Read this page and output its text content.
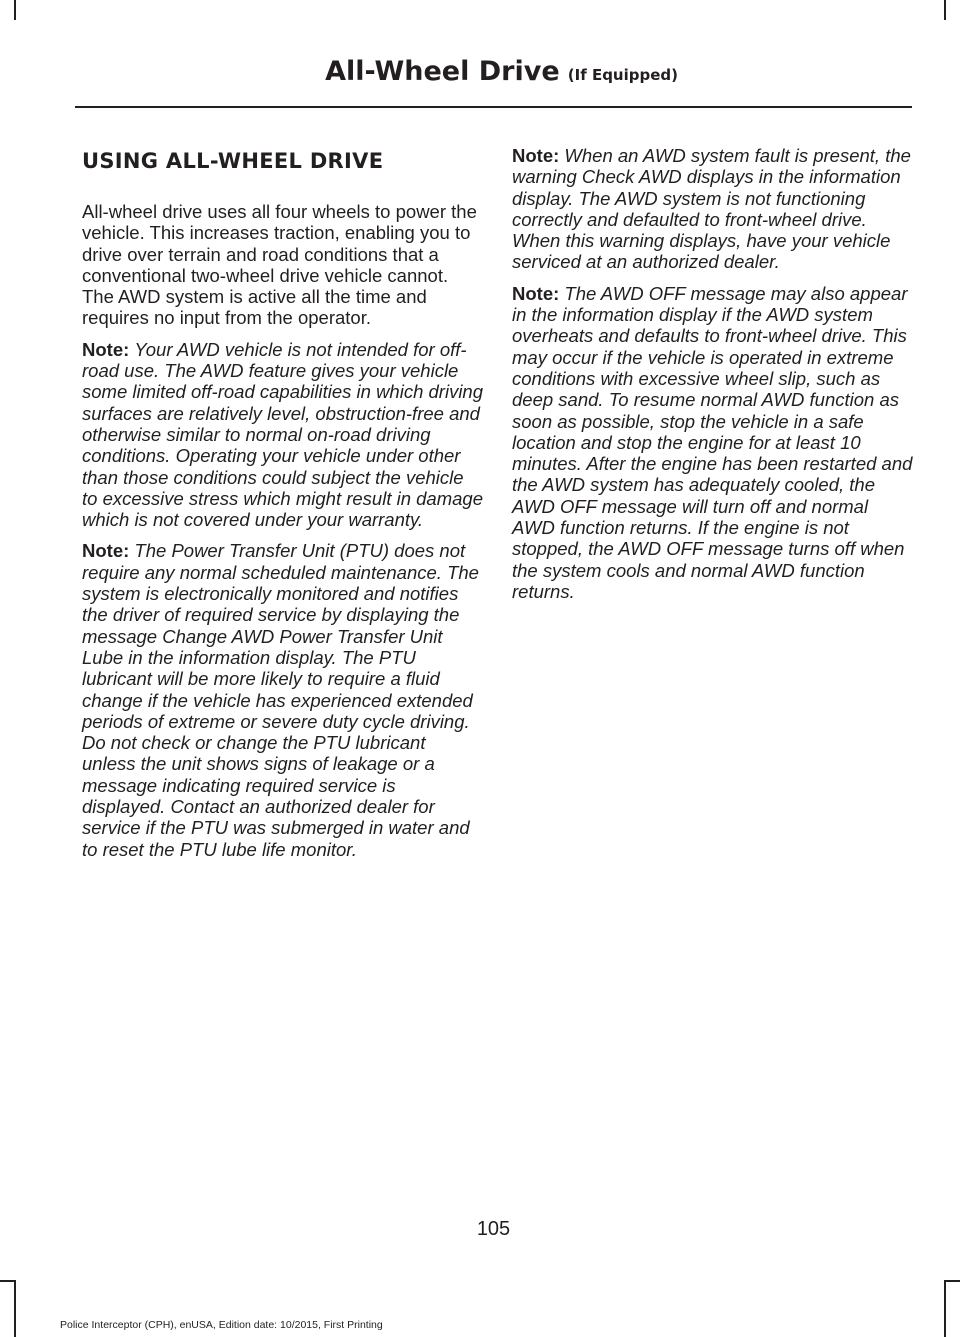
All-Wheel Drive (If Equipped)
USING ALL-WHEEL DRIVE

All-wheel drive uses all four wheels to power the vehicle. This increases traction, enabling you to drive over terrain and road conditions that a conventional two-wheel drive vehicle cannot. The AWD system is active all the time and requires no input from the operator.

Note: Your AWD vehicle is not intended for off-road use. The AWD feature gives your vehicle some limited off-road capabilities in which driving surfaces are relatively level, obstruction-free and otherwise similar to normal on-road driving conditions. Operating your vehicle under other than those conditions could subject the vehicle to excessive stress which might result in damage which is not covered under your warranty.

Note: The Power Transfer Unit (PTU) does not require any normal scheduled maintenance. The system is electronically monitored and notifies the driver of required service by displaying the message Change AWD Power Transfer Unit Lube in the information display. The PTU lubricant will be more likely to require a fluid change if the vehicle has experienced extended periods of extreme or severe duty cycle driving. Do not check or change the PTU lubricant unless the unit shows signs of leakage or a message indicating required service is displayed. Contact an authorized dealer for service if the PTU was submerged in water and to reset the PTU lube life monitor.

Note: When an AWD system fault is present, the warning Check AWD displays in the information display. The AWD system is not functioning correctly and defaulted to front-wheel drive. When this warning displays, have your vehicle serviced at an authorized dealer.

Note: The AWD OFF message may also appear in the information display if the AWD system overheats and defaults to front-wheel drive. This may occur if the vehicle is operated in extreme conditions with excessive wheel slip, such as deep sand. To resume normal AWD function as soon as possible, stop the vehicle in a safe location and stop the engine for at least 10 minutes. After the engine has been restarted and the AWD system has adequately cooled, the AWD OFF message will turn off and normal AWD function returns. If the engine is not stopped, the AWD OFF message turns off when the system cools and normal AWD function returns.

105
Police Interceptor (CPH), enUSA, Edition date: 10/2015, First Printing
